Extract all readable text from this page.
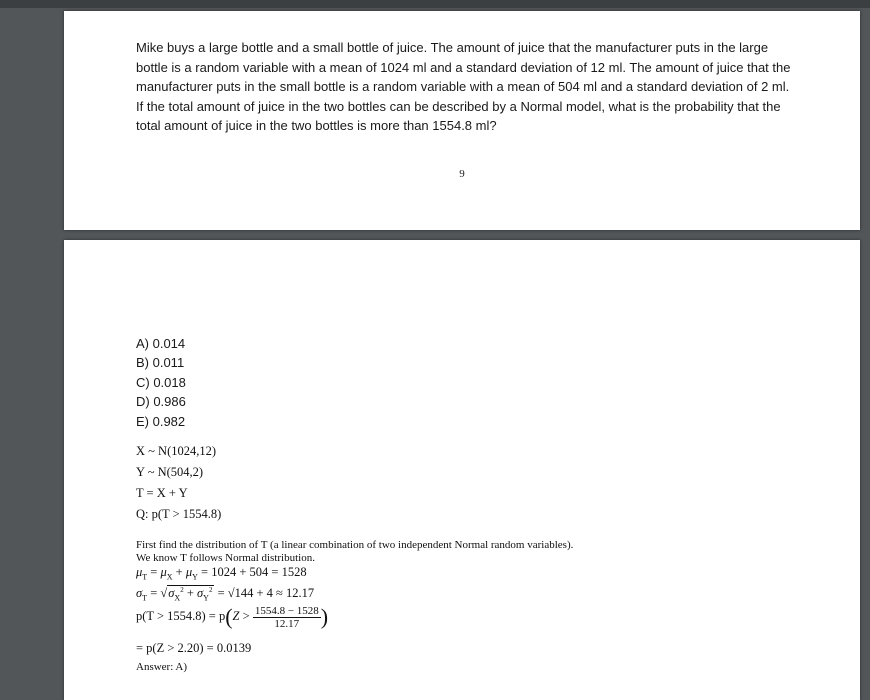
Mike buys a large bottle and a small bottle of juice. The amount of juice that the manufacturer puts in the large bottle is a random variable with a mean of 1024 ml and a standard deviation of 12 ml. The amount of juice that the manufacturer puts in the small bottle is a random variable with a mean of 504 ml and a standard deviation of 2 ml. If the total amount of juice in the two bottles can be described by a Normal model, what is the probability that the total amount of juice in the two bottles is more than 1554.8 ml?
9
A) 0.014
B) 0.011
C) 0.018
D) 0.986
E) 0.982
X ~ N(1024,12)
Y ~ N(504,2)
T = X + Y
Q: p(T > 1554.8)
First find the distribution of T (a linear combination of two independent Normal random variables).
We know T follows Normal distribution.
$\mu_T = \mu_X + \mu_Y = 1024 + 504 = 1528$
$\sigma_T = √\sigma_X^2 + \sigma_Y^2 = √144 + 4 \approx 12.17$
$p(T > 1554.8) = p(Z > \frac{1554.8 - 1528}{12.17}$ )
= p(Z > 2.20) = 0.0139
Answer: A)
